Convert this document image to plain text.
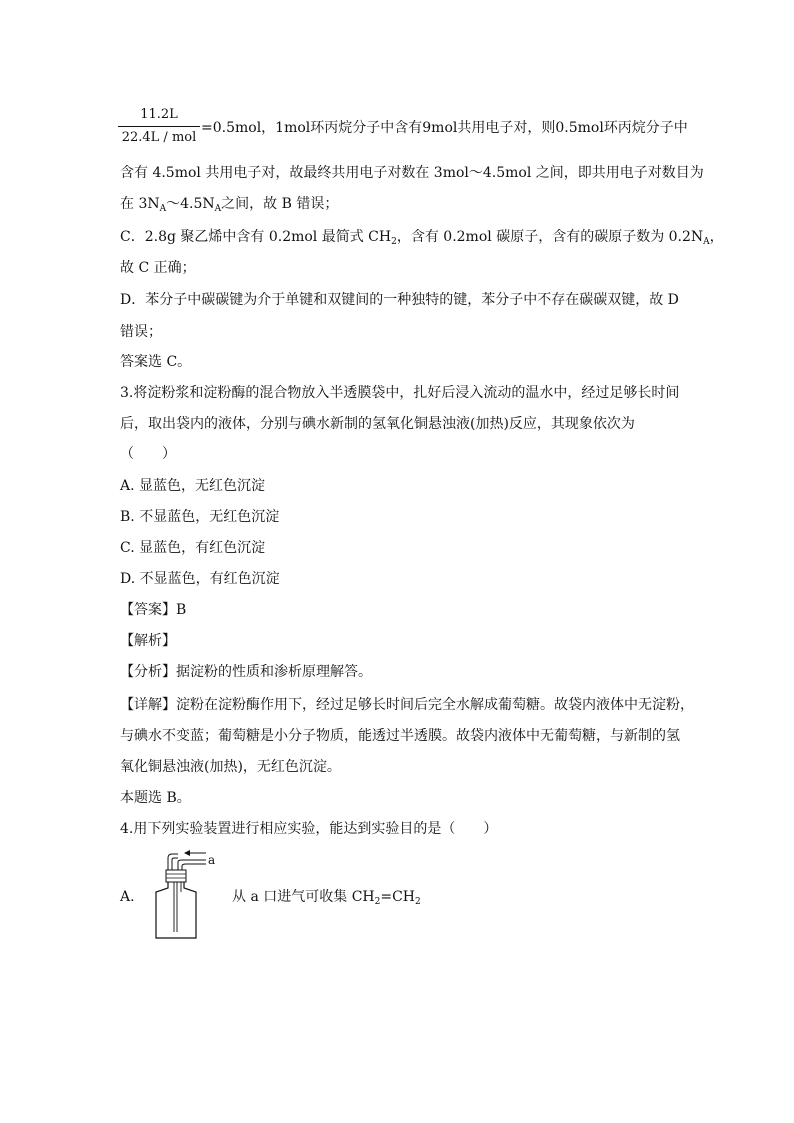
11.2L
22.4L / mol
=0.5mol，1mol环丙烷分子中含有9mol共用电子对，则0.5mol环丙烷分子中
含有 4.5mol 共用电子对，故最终共用电子对数在 3mol～4.5mol 之间，即共用电子对数目为
在 $3N_A\sim 4.5N_A$之间，故 B 错误；
C．2.8g 聚乙烯中含有 0.2mol 最简式 $CH_2$，含有 0.2mol 碳原子，含有的碳原子数为 $0.2N_A$，
故 C 正确；
D．苯分子中碳碳键为介于单键和双键间的一种独特的键，苯分子中不存在碳碳双键，故 D
错误；
答案选 C。
3.将淀粉浆和淀粉酶的混合物放入半透膜袋中，扎好后浸入流动的温水中，经过足够长时间
后，取出袋内的液体，分别与碘水新制的氢氧化铜悬浊液(加热)反应，其现象依次为
（　　）
A. 显蓝色，无红色沉淀
B. 不显蓝色，无红色沉淀
C. 显蓝色，有红色沉淀
D. 不显蓝色，有红色沉淀
【答案】B
【解析】
【分析】据淀粉的性质和渗析原理解答。
【详解】淀粉在淀粉酶作用下，经过足够长时间后完全水解成葡萄糖。故袋内液体中无淀粉，
与碘水不变蓝；葡萄糖是小分子物质，能透过半透膜。故袋内液体中无葡萄糖，与新制的氢
氧化铜悬浊液(加热)，无红色沉淀。
本题选 B。
4.用下列实验装置进行相应实验，能达到实验目的是（　　）
A.
a
从 a 口进气可收集 $CH_2=CH_2$
